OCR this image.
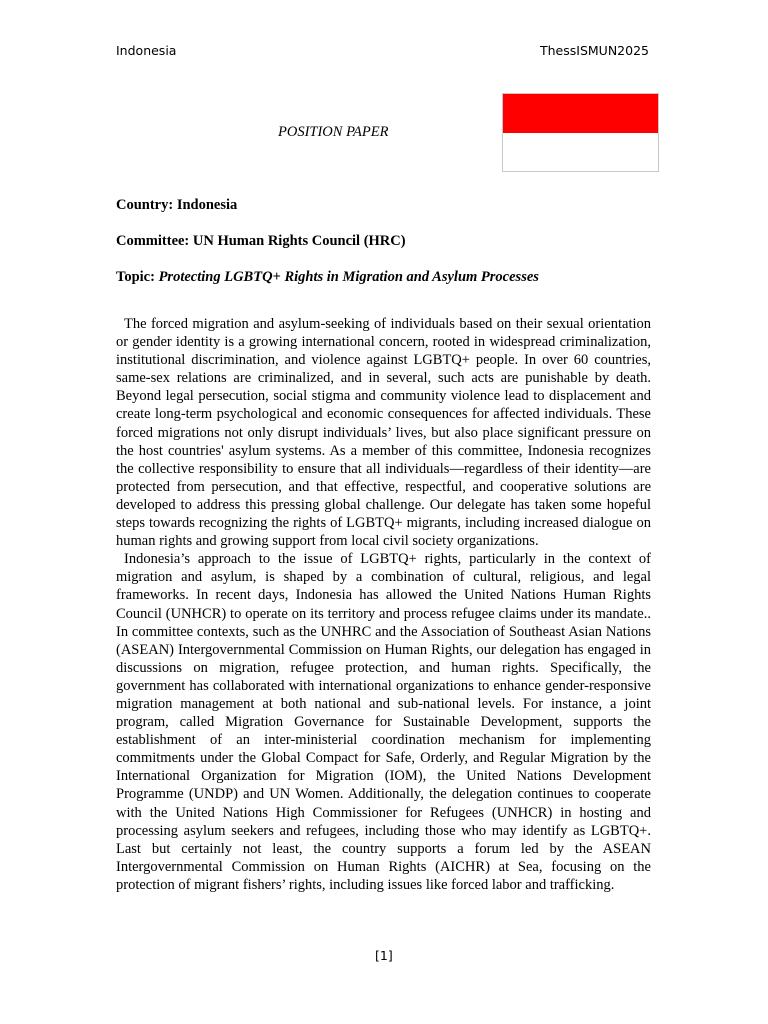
Indonesia	ThessISMUN2025
POSITION PAPER
Country: Indonesia
Committee: UN Human Rights Council (HRC)
Topic: Protecting LGBTQ+ Rights in Migration and Asylum Processes

The forced migration and asylum-seeking of individuals based on their sexual orientation or gender identity is a growing international concern, rooted in widespread criminalization, institutional discrimination, and violence against LGBTQ+ people. In over 60 countries, same-sex relations are criminalized, and in several, such acts are punishable by death. Beyond legal persecution, social stigma and community violence lead to displacement and create long-term psychological and economic consequences for affected individuals. These forced migrations not only disrupt individuals’ lives, but also place significant pressure on the host countries' asylum systems. As a member of this committee, Indonesia recognizes the collective responsibility to ensure that all individuals—regardless of their identity—are protected from persecution, and that effective, respectful, and cooperative solutions are developed to address this pressing global challenge. Our delegate has taken some hopeful steps towards recognizing the rights of LGBTQ+ migrants, including increased dialogue on human rights and growing support from local civil society organizations.

Indonesia’s approach to the issue of LGBTQ+ rights, particularly in the context of migration and asylum, is shaped by a combination of cultural, religious, and legal frameworks. In recent days, Indonesia has allowed the United Nations Human Rights Council (UNHCR) to operate on its territory and process refugee claims under its mandate.. In committee contexts, such as the UNHRC and the Association of Southeast Asian Nations (ASEAN) Intergovernmental Commission on Human Rights, our delegation has engaged in discussions on migration, refugee protection, and human rights. Specifically, the government has collaborated with international organizations to enhance gender-responsive migration management at both national and sub-national levels. For instance, a joint program, called Migration Governance for Sustainable Development, supports the establishment of an inter-ministerial coordination mechanism for implementing commitments under the Global Compact for Safe, Orderly, and Regular Migration by the International Organization for Migration (IOM), the United Nations Development Programme (UNDP) and UN Women. Additionally, the delegation continues to cooperate with the United Nations High Commissioner for Refugees (UNHCR) in hosting and processing asylum seekers and refugees, including those who may identify as LGBTQ+. Last but certainly not least, the country supports a forum led by the ASEAN Intergovernmental Commission on Human Rights (AICHR) at Sea, focusing on the protection of migrant fishers’ rights, including issues like forced labor and trafficking.

[1]
